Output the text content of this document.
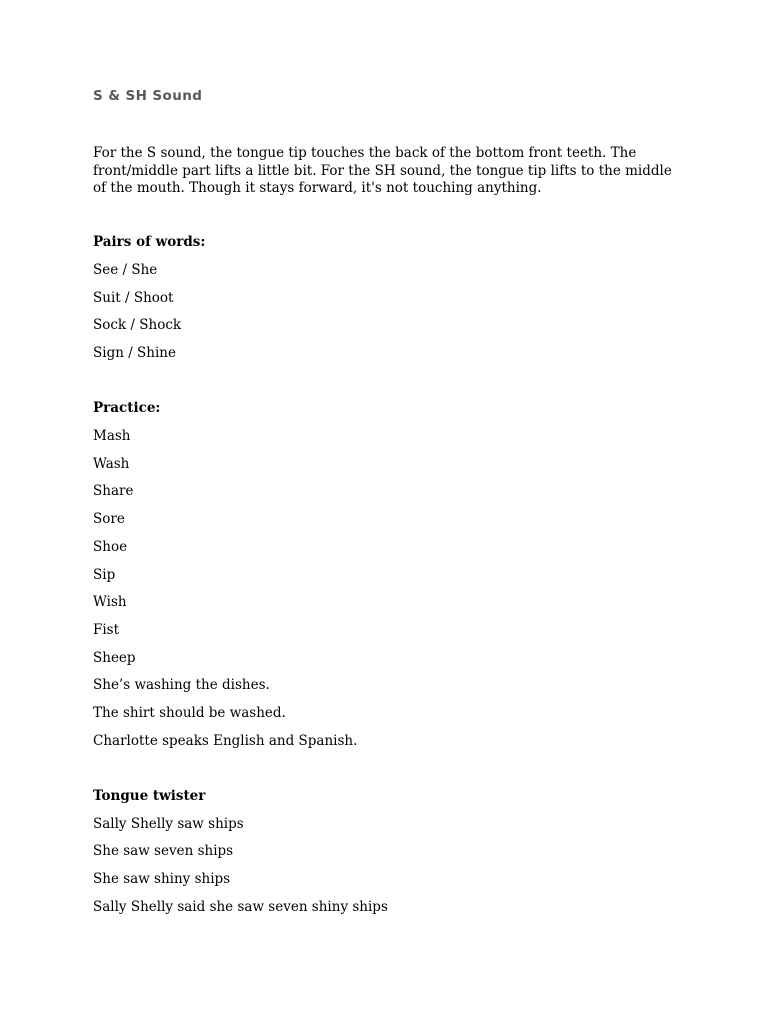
S & SH Sound
For the S sound, the tongue tip touches the back of the bottom front teeth. The
front/middle part lifts a little bit. For the SH sound, the tongue tip lifts to the middle
of the mouth. Though it stays forward, it's not touching anything.
Pairs of words:
See / She
Suit / Shoot
Sock / Shock
Sign / Shine
Practice:
Mash
Wash
Share
Sore
Shoe
Sip
Wish
Fist
Sheep
She’s washing the dishes.
The shirt should be washed.
Charlotte speaks English and Spanish.
Tongue twister
Sally Shelly saw ships
She saw seven ships
She saw shiny ships
Sally Shelly said she saw seven shiny ships
